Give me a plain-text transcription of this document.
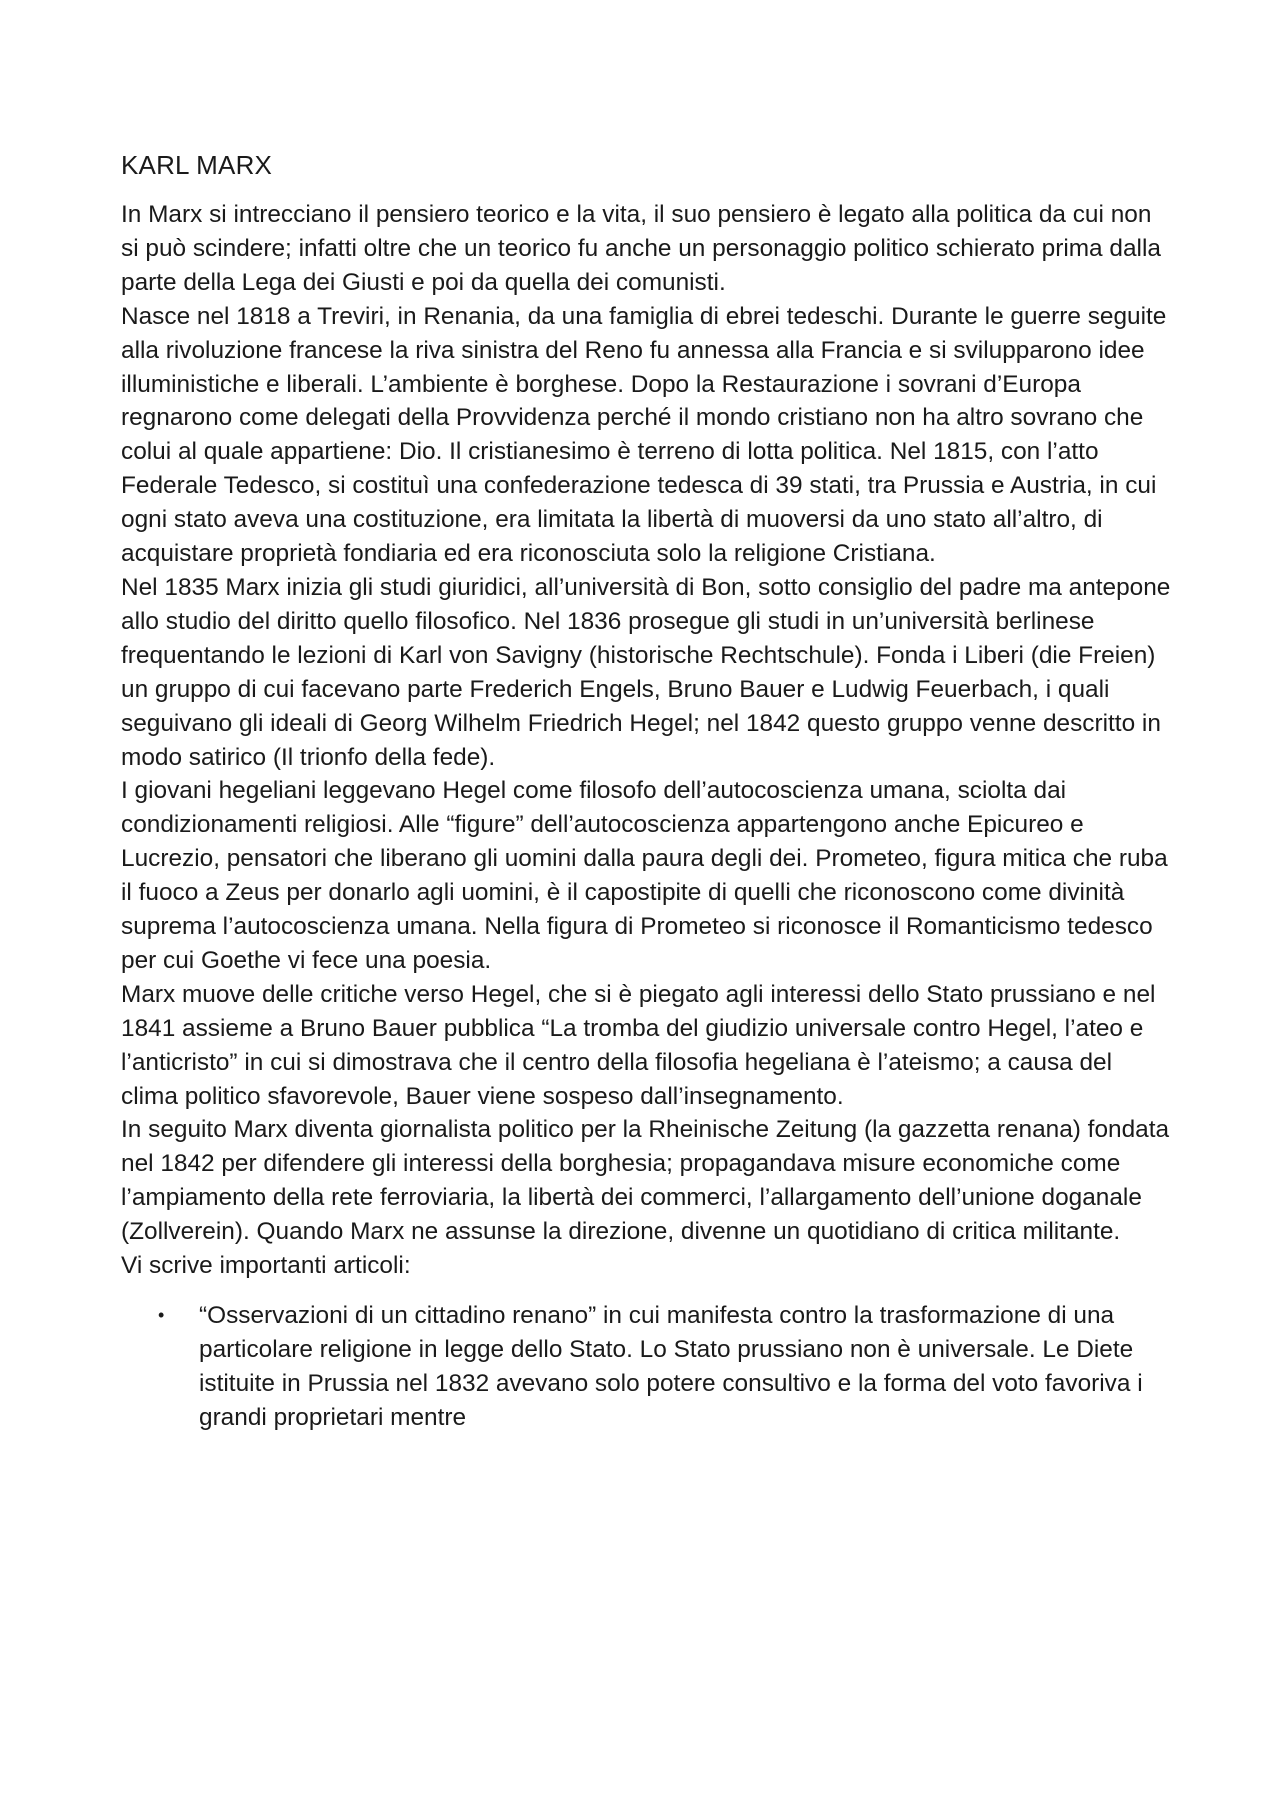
KARL MARX

In Marx si intrecciano il pensiero teorico e la vita, il suo pensiero è legato alla politica da cui non si può scindere; infatti oltre che un teorico fu anche un personaggio politico schierato prima dalla parte della Lega dei Giusti e poi da quella dei comunisti.

Nasce nel 1818 a Treviri, in Renania, da una famiglia di ebrei tedeschi. Durante le guerre seguite alla rivoluzione francese la riva sinistra del Reno fu annessa alla Francia e si svilupparono idee illuministiche e liberali. L’ambiente è borghese. Dopo la Restaurazione i sovrani d’Europa regnarono come delegati della Provvidenza perché il mondo cristiano non ha altro sovrano che colui al quale appartiene: Dio. Il cristianesimo è terreno di lotta politica. Nel 1815, con l’atto Federale Tedesco, si costituì una confederazione tedesca di 39 stati, tra Prussia e Austria, in cui ogni stato aveva una costituzione, era limitata la libertà di muoversi da uno stato all’altro, di acquistare proprietà fondiaria ed era riconosciuta solo la religione Cristiana.

Nel 1835 Marx inizia gli studi giuridici, all’università di Bon, sotto consiglio del padre ma antepone allo studio del diritto quello filosofico. Nel 1836 prosegue gli studi in un’università berlinese frequentando le lezioni di Karl von Savigny (historische Rechtschule). Fonda i Liberi (die Freien) un gruppo di cui facevano parte Frederich Engels, Bruno Bauer e Ludwig Feuerbach, i quali seguivano gli ideali di Georg Wilhelm Friedrich Hegel; nel 1842 questo gruppo venne descritto in modo satirico (Il trionfo della fede).

I giovani hegeliani leggevano Hegel come filosofo dell’autocoscienza umana, sciolta dai condizionamenti religiosi. Alle “figure” dell’autocoscienza appartengono anche Epicureo e Lucrezio, pensatori che liberano gli uomini dalla paura degli dei. Prometeo, figura mitica che ruba il fuoco a Zeus per donarlo agli uomini, è il capostipite di quelli che riconoscono come divinità suprema l’autocoscienza umana. Nella figura di Prometeo si riconosce il Romanticismo tedesco per cui Goethe vi fece una poesia.

Marx muove delle critiche verso Hegel, che si è piegato agli interessi dello Stato prussiano e nel 1841 assieme a Bruno Bauer pubblica “La tromba del giudizio universale contro Hegel, l’ateo e l’anticristo” in cui si dimostrava che il centro della filosofia hegeliana è l’ateismo; a causa del clima politico sfavorevole, Bauer viene sospeso dall’insegnamento.

In seguito Marx diventa giornalista politico per la Rheinische Zeitung (la gazzetta renana) fondata nel 1842 per difendere gli interessi della borghesia; propagandava misure economiche come l’ampiamento della rete ferroviaria, la libertà dei commerci, l’allargamento dell’unione doganale (Zollverein). Quando Marx ne assunse la direzione, divenne un quotidiano di critica militante.

Vi scrive importanti articoli:

• “Osservazioni di un cittadino renano” in cui manifesta contro la trasformazione di una particolare religione in legge dello Stato. Lo Stato prussiano non è universale. Le Diete istituite in Prussia nel 1832 avevano solo potere consultivo e la forma del voto favoriva i grandi proprietari mentre
